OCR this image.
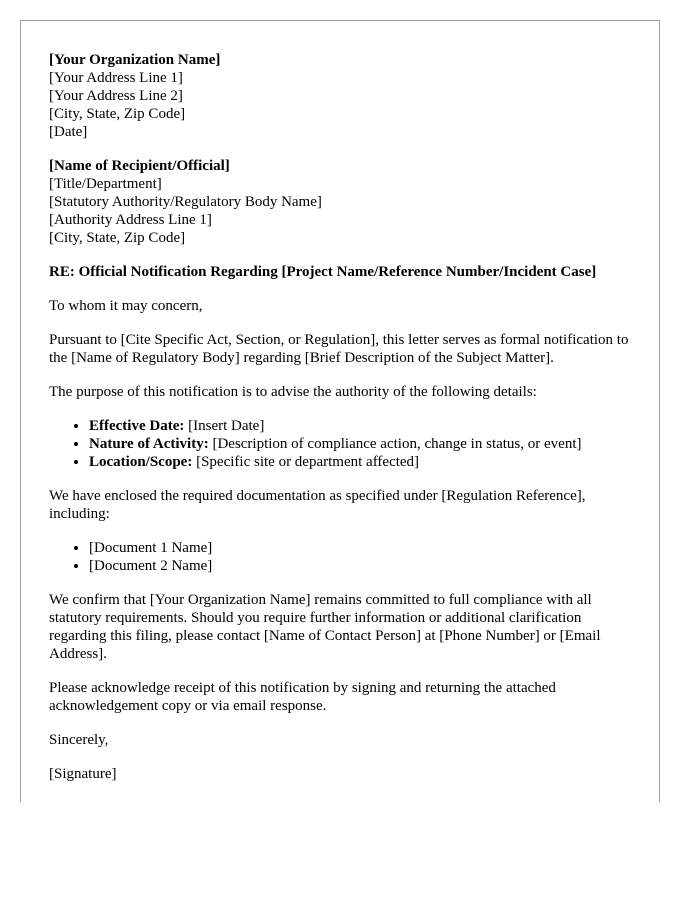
[Your Organization Name]
[Your Address Line 1]
[Your Address Line 2]
[City, State, Zip Code]
[Date]
[Name of Recipient/Official]
[Title/Department]
[Statutory Authority/Regulatory Body Name]
[Authority Address Line 1]
[City, State, Zip Code]

RE: Official Notification Regarding [Project Name/Reference Number/Incident Case]

To whom it may concern,

Pursuant to [Cite Specific Act, Section, or Regulation], this letter serves as formal notification to the [Name of Regulatory Body] regarding [Brief Description of the Subject Matter].

The purpose of this notification is to advise the authority of the following details:

• Effective Date: [Insert Date]
• Nature of Activity: [Description of compliance action, change in status, or event]
• Location/Scope: [Specific site or department affected]

We have enclosed the required documentation as specified under [Regulation Reference], including:

• [Document 1 Name]
• [Document 2 Name]

We confirm that [Your Organization Name] remains committed to full compliance with all statutory requirements. Should you require further information or additional clarification regarding this filing, please contact [Name of Contact Person] at [Phone Number] or [Email Address].

Please acknowledge receipt of this notification by signing and returning the attached acknowledgement copy or via email response.

Sincerely,

[Signature]
